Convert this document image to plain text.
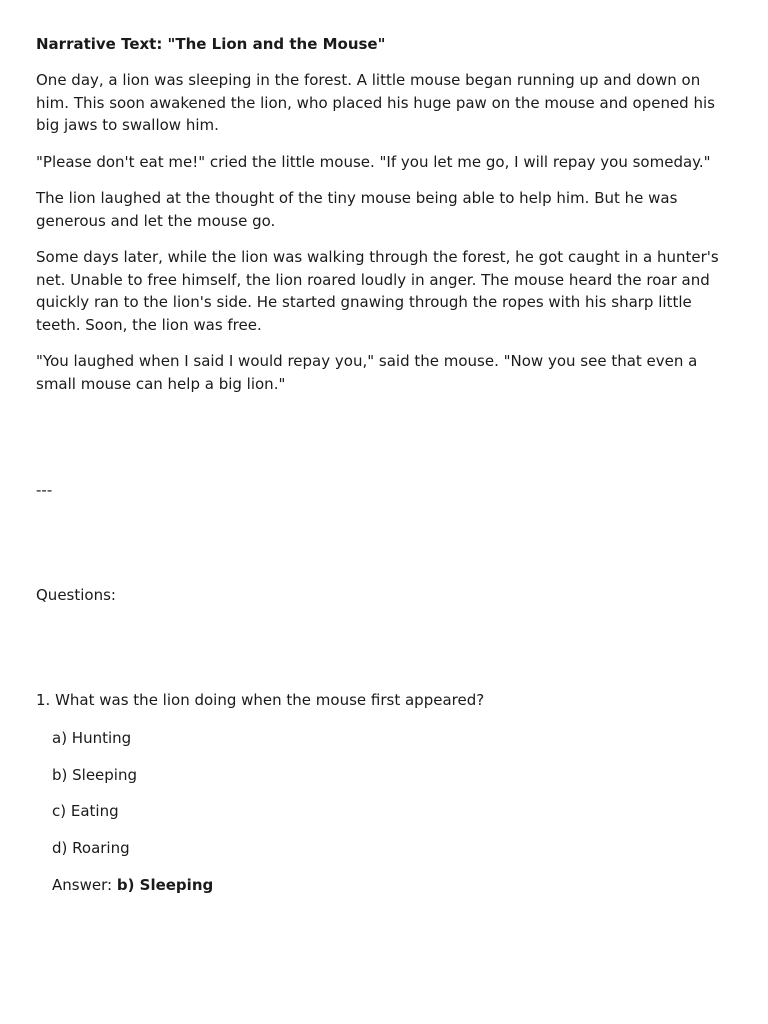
Narrative Text: "The Lion and the Mouse"

One day, a lion was sleeping in the forest. A little mouse began running up and down on him. This soon awakened the lion, who placed his huge paw on the mouse and opened his big jaws to swallow him.

"Please don't eat me!" cried the little mouse. "If you let me go, I will repay you someday."

The lion laughed at the thought of the tiny mouse being able to help him. But he was generous and let the mouse go.

Some days later, while the lion was walking through the forest, he got caught in a hunter's net. Unable to free himself, the lion roared loudly in anger. The mouse heard the roar and quickly ran to the lion's side. He started gnawing through the ropes with his sharp little teeth. Soon, the lion was free.

"You laughed when I said I would repay you," said the mouse. "Now you see that even a small mouse can help a big lion."

---

Questions:

1. What was the lion doing when the mouse first appeared?

a) Hunting

b) Sleeping

c) Eating

d) Roaring

Answer: b) Sleeping
